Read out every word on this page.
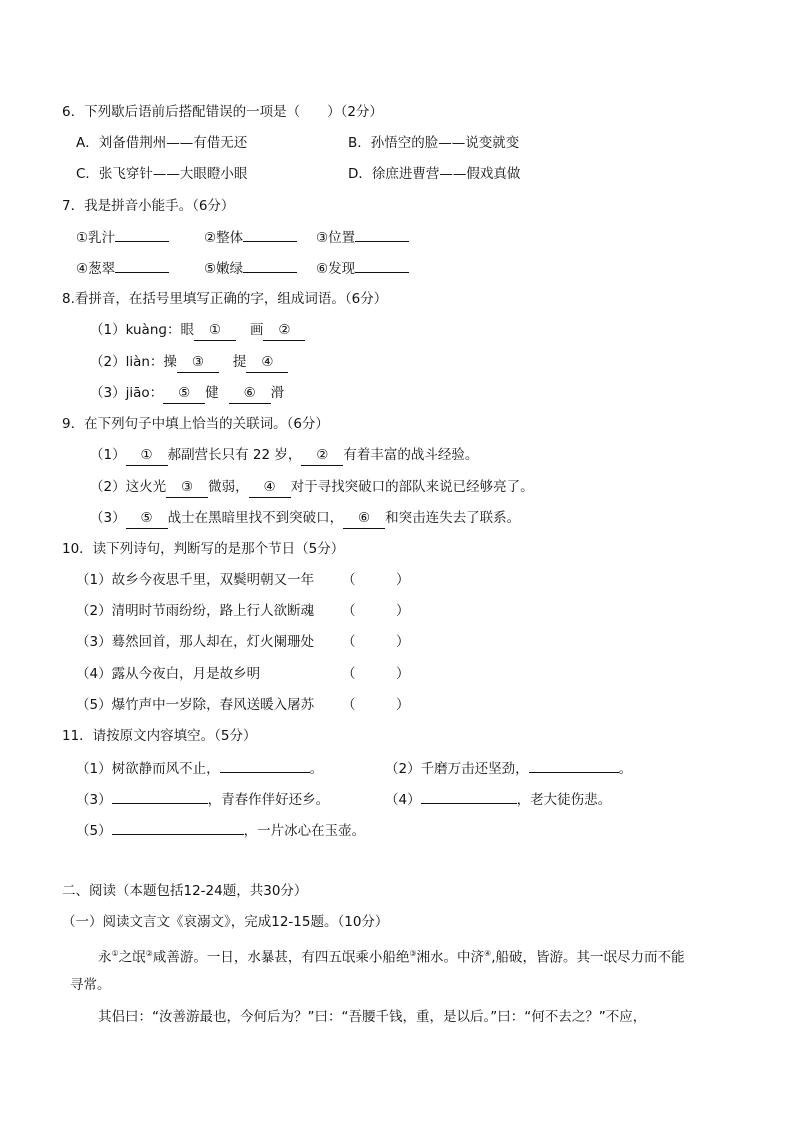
6．下列歇后语前后搭配错误的一项是（　　）（2分）
A．刘备借荆州——有借无还	B．孙悟空的脸——说变就变
C．张飞穿针——大眼瞪小眼	D．徐庶进曹营——假戏真做
7．我是拼音小能手。（6分）
①乳汁	②整体	③位置
④葱翠	⑤嫩绿	⑥发现
8.看拼音，在括号里填写正确的字，组成词语。（6分）
（1）kuànɡ：眼 ① 画 ②
（2）liàn：操 ③ 提 ④
（3）jiāo： ⑤ 健 ⑥ 滑
9．在下列句子中填上恰当的关联词。（6分）
（1） ① 郝副营长只有 22 岁， ② 有着丰富的战斗经验。
（2）这火光 ③ 微弱， ④ 对于寻找突破口的部队来说已经够亮了。
（3） ⑤ 战士在黑暗里找不到突破口， ⑥ 和突击连失去了联系。
10．读下列诗句，判断写的是那个节日（5分）
（1）故乡今夜思千里，双鬓明朝又一年 （　　　）
（2）清明时节雨纷纷，路上行人欲断魂 （　　　）
（3）蓦然回首，那人却在，灯火阑珊处 （　　　）
（4）露从今夜白，月是故乡明	（　　　）
（5）爆竹声中一岁除，春风送暖入屠苏 （　　　）
11．请按原文内容填空。（5分）
（1）树欲静而风不止，	。	（2）千磨万击还坚劲，	。
（3）	，青春作伴好还乡。	（4）	，老大徒伤悲。
（5）	，一片冰心在玉壶。
二、阅读（本题包括12-24题，共30分）
（一）阅读文言文《哀溺文》，完成12-15题。（10分）
永①之氓②咸善游。一日，水暴甚，有四五氓乘小船绝③湘水。中济④,船破，皆游。其一氓尽力而不能
寻常。
其侣曰：“汝善游最也，今何后为？”曰：“吾腰千钱，重，是以后。”曰：“何不去之？”不应，
